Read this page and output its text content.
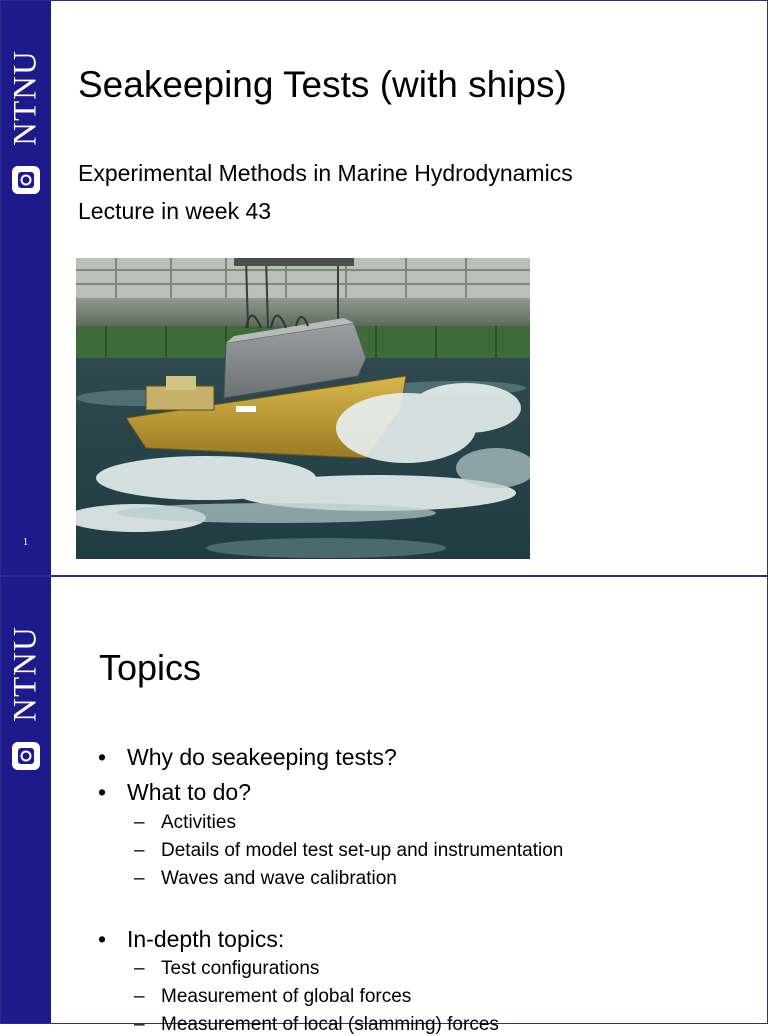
NTNU
1
Seakeeping Tests (with ships)
Experimental Methods in Marine Hydrodynamics
Lecture in week 43
NTNU Topics
• Why do seakeeping tests?
• What to do?
– Activities
– Details of model test set-up and instrumentation
– Waves and wave calibration
• In-depth topics:
– Test configurations
– Measurement of global forces
– Measurement of local (slamming) forces
